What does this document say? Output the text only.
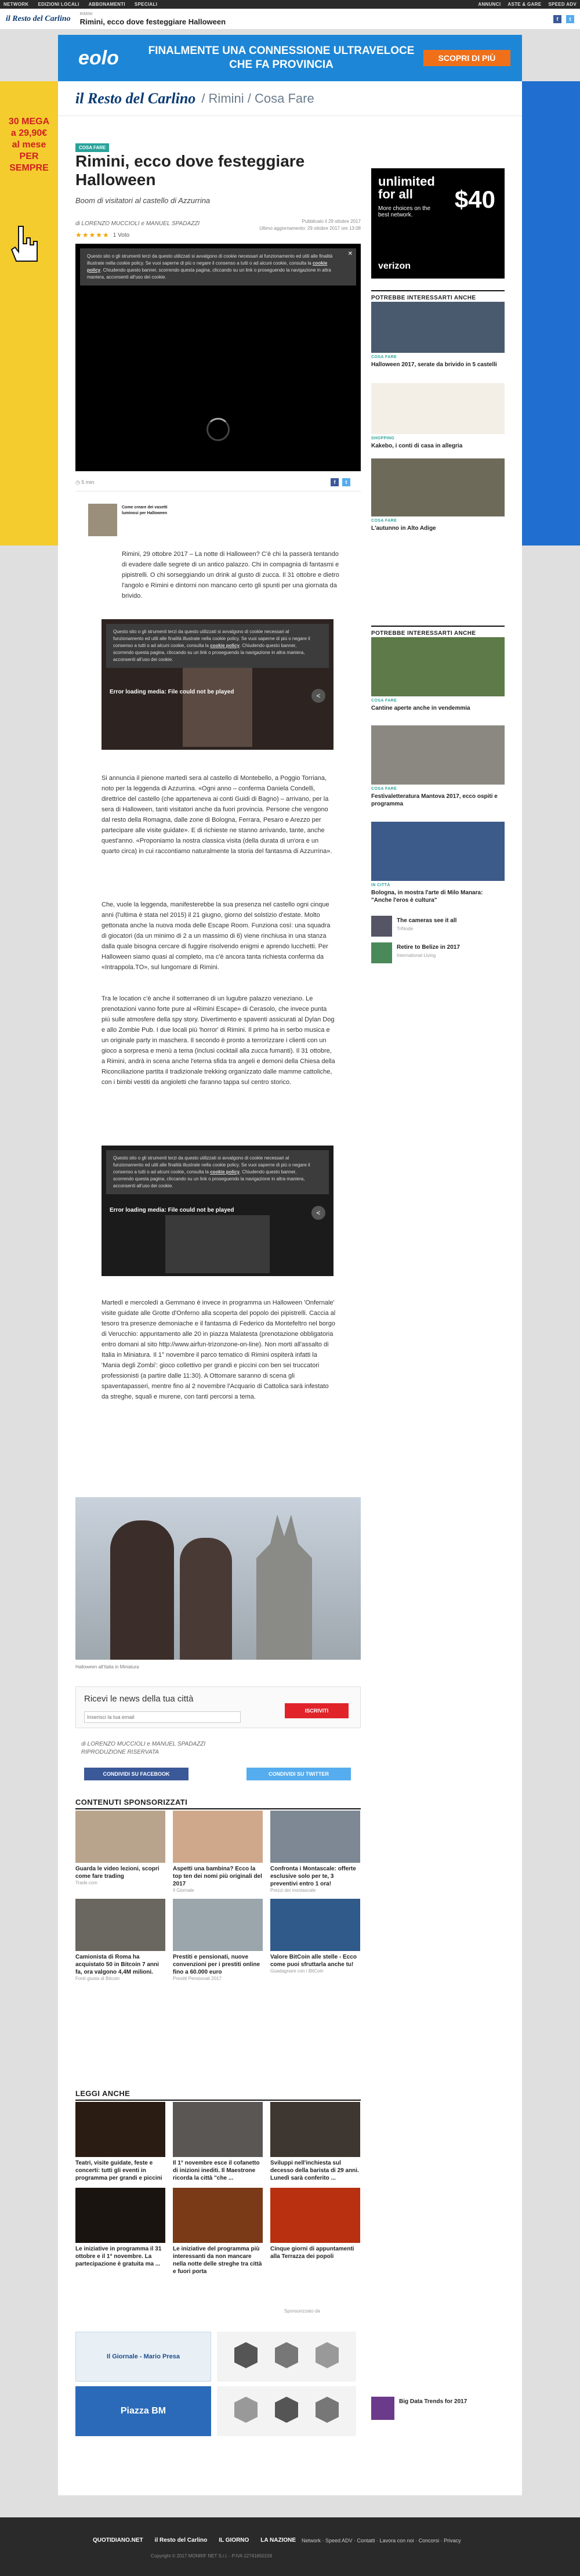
NETWORK EDIZIONI LOCALI ABBONAMENTI SPECIALI	ANNUNCI ASTE & GARE SPEED ADV
il Resto del Carlino
RIMINI
Rimini, ecco dove festeggiare Halloween	f	t
eolo	FINALMENTE UNA CONNESSIONE ULTRAVELOCE CHE FA PROVINCIA
SCOPRI DI PIÙ
30 MEGA a 29,90€ al mese PER SEMPRE
il Resto del Carlino / Rimini / Cosa Fare
COSA FARE
Rimini, ecco dove festeggiare Halloween
Boom di visitatori al castello di Azzurrina
di LORENZO MUCCIOLI e MANUEL SPADAZZI	Pubblicato il 29 ottobre 2017
Ultimo aggiornamento: 29 ottobre 2017 ore 13:08
★★★★★ 1 Voto
Questo sito o gli strumenti terzi da questo utilizzati si avvalgono di cookie necessari al funzionamento ed utili alle finalità illustrate nella cookie policy. Se vuoi saperne di più o negare il consenso a tutti o ad alcuni cookie, consulta la cookie policy. Chiudendo questo banner, scorrendo questa pagina, cliccando su un link o proseguendo la navigazione in altra maniera, acconsenti all'uso dei cookie.
✕
◷ 5 min	f	t
Come creare dei vasetti luminosi per Halloween
Rimini, 29 ottobre 2017 – La notte di Halloween? C'è chi la passerà tentando di evadere dalle segrete di un antico palazzo. Chi in compagnia di fantasmi e pipistrelli. O chi sorseggiando un drink al gusto di zucca. Il 31 ottobre e dietro l'angolo e Rimini e dintorni non mancano certo gli spunti per una giornata da brivido.
Questo sito o gli strumenti terzi da questo utilizzati si avvalgono di cookie necessari al funzionamento ed utili alle finalità illustrate nella cookie policy. Se vuoi saperne di più o negare il consenso a tutti o ad alcuni cookie, consulta la cookie policy. Chiudendo questo banner, scorrendo questa pagina, cliccando su un link o proseguendo la navigazione in altra maniera, acconsenti all'uso dei cookie.
Error loading media: File could not be played	<
Si annuncia il pienone martedì sera al castello di Montebello, a Poggio Torriana, noto per la leggenda di Azzurrina. «Ogni anno – conferma Daniela Condelli, direttrice del castello (che apparteneva ai conti Guidi di Bagno) – arrivano, per la sera di Halloween, tanti visitatori anche da fuori provincia. Persone che vengono dal resto della Romagna, dalle zone di Bologna, Ferrara, Pesaro e Arezzo per partecipare alle visite guidate». E di richieste ne stanno arrivando, tante, anche quest'anno. «Proponiamo la nostra classica visita (della durata di un'ora e un quarto circa) in cui raccontiamo naturalmente la storia del fantasma di Azzurrina».
Che, vuole la leggenda, manifesterebbe la sua presenza nel castello ogni cinque anni (l'ultima è stata nel 2015) il 21 giugno, giorno del solstizio d'estate. Molto gettonata anche la nuova moda delle Escape Room. Funziona così: una squadra di giocatori (da un minimo di 2 a un massimo di 6) viene rinchiusa in una stanza dalla quale bisogna cercare di fuggire risolvendo enigmi e aprendo lucchetti. Per Halloween siamo quasi al completo, ma c'è ancora tanta richiesta conferma da «Intrappola.TO», sul lungomare di Rimini.
Tra le location c'è anche il sotterraneo di un lugubre palazzo veneziano. Le prenotazioni vanno forte pure al «Rimini Escape» di Cerasolo, che invece punta più sulle atmosfere della spy story. Divertimento e spaventi assicurati al Dylan Dog e allo Zombie Pub. I due locali più 'horror' di Rimini. Il primo ha in serbo musica e un originale party in maschera. Il secondo è pronto a terrorizzare i clienti con un gioco a sorpresa e menù a tema (inclusi cocktail alla zucca fumanti). Il 31 ottobre, a Rimini, andrà in scena anche l'eterna sfida tra angeli e demoni della Chiesa della Riconciliazione partita il tradizionale trekking organizzato dalle mamme cattoliche, con i bimbi vestiti da angioletti che faranno tappa sul centro storico.
Questo sito o gli strumenti terzi da questo utilizzati si avvalgono di cookie necessari al funzionamento ed utili alle finalità illustrate nella cookie policy. Se vuoi saperne di più o negare il consenso a tutti o ad alcuni cookie, consulta la cookie policy. Chiudendo questo banner, scorrendo questa pagina, cliccando su un link o proseguendo la navigazione in altra maniera, acconsenti all'uso dei cookie.
Error loading media: File could not be played	<
Martedì e mercoledì a Gemmano è invece in programma un Halloween 'Onfernale' visite guidate alle Grotte d'Onferno alla scoperta del popolo dei pipistrelli. Caccia al tesoro tra presenze demoniache e il fantasma di Federico da Montefeltro nel borgo di Verucchio: appuntamento alle 20 in piazza Malatesta (prenotazione obbligatoria entro domani al sito http://www.airfun-trizonzone-on-line). Non morti all'assalto di Italia in Miniatura. Il 1° novembre il parco tematico di Rimini ospiterà infatti la 'Mania degli Zombi': gioco collettivo per grandi e piccini con ben sei truccatori professionisti (a partire dalle 11:30). A Ottomare saranno di scena gli spaventapasseri, mentre fino al 2 novembre l'Acquario di Cattolica sarà infestato da streghe, squali e murene, con tanti percorsi a tema.
Halloween all'Italia in Miniatura
Ricevi le news della tua città
Inserisci la tua email
ISCRIVITI
di LORENZO MUCCIOLI e MANUEL SPADAZZI
RIPRODUZIONE RISERVATA
CONDIVIDI SU FACEBOOK	CONDIVIDI SU TWITTER
CONTENUTI SPONSORIZZATI
Guarda le video lezioni, scopri come fare trading
Trade.com
Aspetti una bambina? Ecco la top ten dei nomi più originali del 2017
Il Giornale
Confronta i Montascale: offerte esclusive solo per te, 3 preventivi entro 1 ora!
Prezzi dei montascale
Camionista di Roma ha acquistato 50 in Bitcoin 7 anni fa, ora valgono 4,4M milioni.
Fonti giusta di Bitcoin
Prestiti e pensionati, nuove convenzioni per i prestiti online fino a 60.000 euro
Prestiti Pensionati 2017
Valore BitCoin alle stelle - Ecco come puoi sfruttarla anche tu!
Guadagnare con i BitCoin
LEGGI ANCHE
Teatri, visite guidate, feste e concerti: tutti gli eventi in programma per grandi e piccini
Il 1° novembre esce il cofanetto di inizioni inediti. Il Maestrone ricorda la città "che ...
Sviluppi nell'inchiesta sul decesso della barista di 29 anni. Lunedì sarà conferito ...
Le iniziative in programma il 31 ottobre e il 1° novembre. La partecipazione è gratuita ma ...
Le iniziative del programma più interessanti da non mancare nella notte delle streghe tra città e fuori porta
Cinque giorni di appuntamenti alla Terrazza dei popoli
Sponsorizzato da
Il Giornale - Mario Presa
Piazza BM
Big Data Trends for 2017
unlimited for all
More choices on the best network.
$40
verizon
POTREBBE INTERESSARTI ANCHE
COSA FARE
Halloween 2017, serate da brivido in 5 castelli
SHOPPING
Kakebo, i conti di casa in allegria
COSA FARE
L'autunno in Alto Adige
POTREBBE INTERESSARTI ANCHE
COSA FARE
Cantine aperte anche in vendemmia
COSA FARE
Festivaletteratura Mantova 2017, ecco ospiti e programma
IN CITTÀ
Bologna, in mostra l'arte di Milo Manara: "Anche l'eros è cultura"
The cameras see it all
TriNode
Retire to Belize in 2017
International Living
QUOTIDIANO.NET il Resto del Carlino IL GIORNO LA NAZIONE Network · Speed ADV · Contatti · Lavora con noi · Concorsi · Privacy
Copyright © 2017 MONRIF NET S.r.l. - P.IVA 12741650159
